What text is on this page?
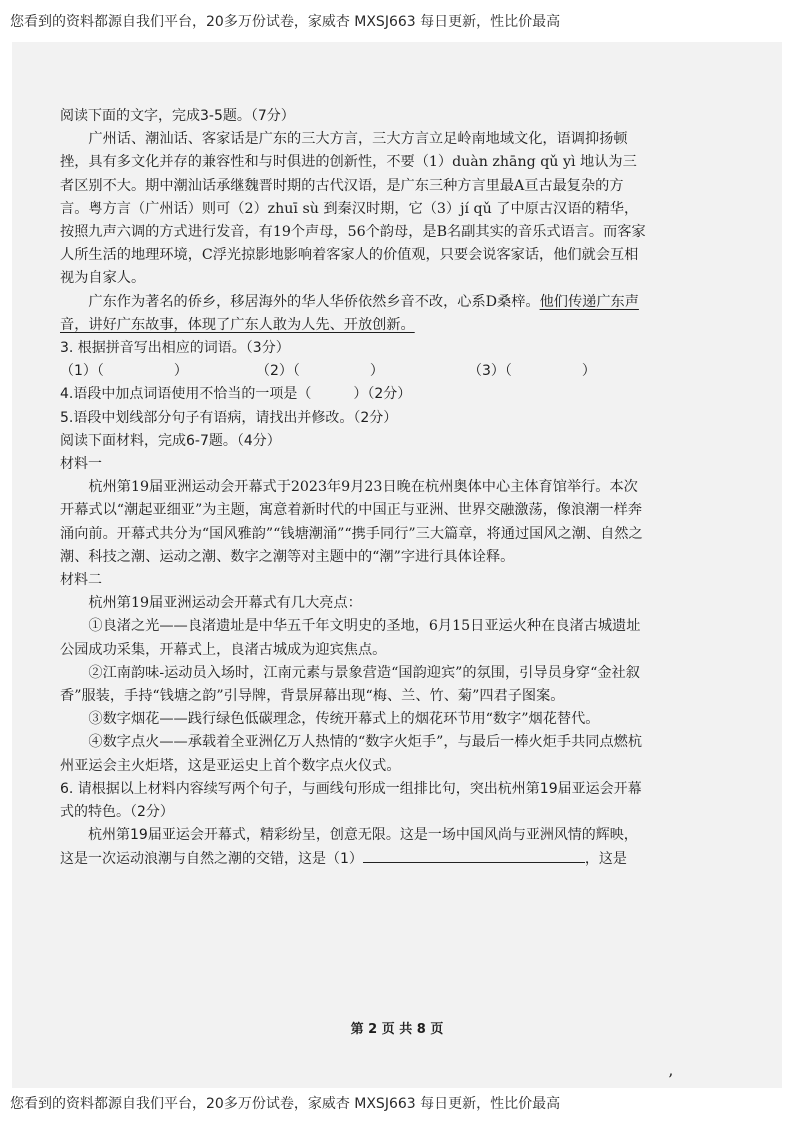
您看到的资料都源自我们平台，20多万份试卷，家威杏 MXSJ663 每日更新，性比价最高

阅读下面的文字，完成3-5题。（7分）

广州话、潮汕话、客家话是广东的三大方言，三大方言立足岭南地域文化，语调抑扬顿挫，具有多文化并存的兼容性和与时俱进的创新性，不要（1）duàn zhāng qǔ yì 地认为三者区别不大。期中潮汕话承继魏晋时期的古代汉语，是广东三种方言里最A亘古最复杂的方言。粤方言（广州话）则可（2）zhuī sù 到秦汉时期，它（3）jí qǔ 了中原古汉语的精华，按照九声六调的方式进行发音，有19个声母，56个韵母，是B名副其实的音乐式语言。而客家人所生活的地理环境，C浮光掠影地影响着客家人的价值观，只要会说客家话，他们就会互相视为自家人。

广东作为著名的侨乡，移居海外的华人华侨依然乡音不改，心系D桑梓。他们传递广东声音，讲好广东故事，体现了广东人敢为人先、开放创新。

3. 根据拼音写出相应的词语。（3分）

（1）（　　　　　）	（2）（　　　　　）	（3）（　　　　　）

4.语段中加点词语使用不恰当的一项是（　　　）（2分）

5.语段中划线部分句子有语病，请找出并修改。（2分）

阅读下面材料，完成6-7题。（4分）

材料一

杭州第19届亚洲运动会开幕式于2023年9月23日晚在杭州奥体中心主体育馆举行。本次开幕式以“潮起亚细亚”为主题，寓意着新时代的中国正与亚洲、世界交融激荡，像浪潮一样奔涌向前。开幕式共分为“国风雅韵”“钱塘潮涌”“携手同行”三大篇章，将通过国风之潮、自然之潮、科技之潮、运动之潮、数字之潮等对主题中的“潮”字进行具体诠释。

材料二

杭州第19届亚洲运动会开幕式有几大亮点：

①良渚之光——良渚遗址是中华五千年文明史的圣地，6月15日亚运火种在良渚古城遗址公园成功采集，开幕式上，良渚古城成为迎宾焦点。

②江南韵味-运动员入场时，江南元素与景象营造“国韵迎宾”的氛围，引导员身穿“金社叙香”服装，手持“钱塘之韵”引导牌，背景屏幕出现“梅、兰、竹、菊”四君子图案。

③数字烟花——践行绿色低碳理念，传统开幕式上的烟花环节用“数字”烟花替代。

④数字点火——承载着全亚洲亿万人热情的“数字火炬手”，与最后一棒火炬手共同点燃杭州亚运会主火炬塔，这是亚运史上首个数字点火仪式。

6. 请根据以上材料内容续写两个句子，与画线句形成一组排比句，突出杭州第19届亚运会开幕式的特色。（2分）

杭州第19届亚运会开幕式，精彩纷呈，创意无限。这是一场中国风尚与亚洲风情的辉映，

这是一次运动浪潮与自然之潮的交错，这是（1）	，这是

第 2 页 共 8 页
’
您看到的资料都源自我们平台，20多万份试卷，家威杏 MXSJ663 每日更新，性比价最高
